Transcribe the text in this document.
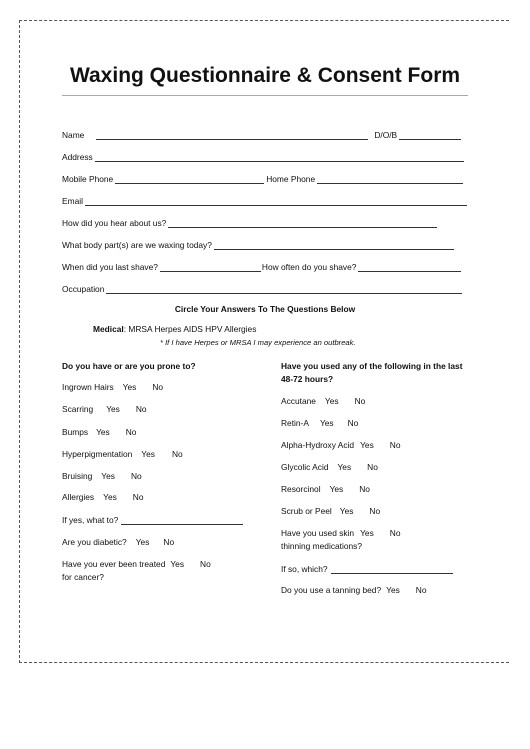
Waxing Questionnaire & Consent Form
Name	D/O/B
Address
Mobile Phone	Home Phone
Email
How did you hear about us?
What body part(s) are we waxing today?
When did you last shave?	How often do you shave?
Occupation
Circle Your Answers To The Questions Below
Medical: MRSA Herpes AIDS HPV Allergies
* If I have Herpes or MRSA I may experience an outbreak.
Do you have or are you prone to?
Ingrown Hairs Yes No
Scarring Yes No
Bumps Yes No
Hyperpigmentation Yes No
Bruising Yes No
Allergies Yes No
If yes, what to?
Are you diabetic? Yes No
Have you ever been treated Yes No
for cancer?
Have you used any of the following in the last
48-72 hours?
Accutane Yes No
Retin-A Yes No
Alpha-Hydroxy Acid Yes No
Glycolic Acid Yes No
Resorcinol Yes No
Scrub or Peel Yes No
Have you used skin Yes No
thinning medications?
If so, which?
Do you use a tanning bed? Yes No
